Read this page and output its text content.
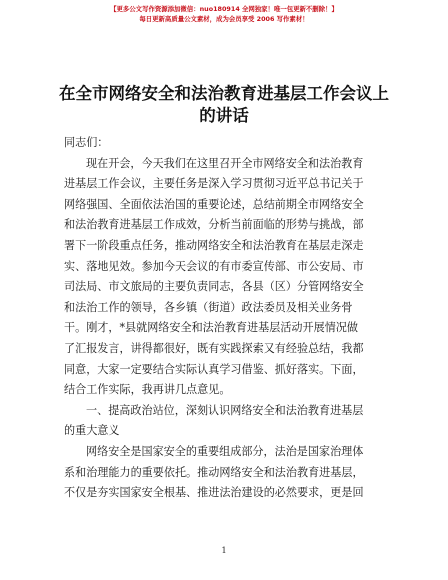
【更多公文写作资源添加微信：nuo180914 全网独家！唯一包更新不删除！】
每日更新高质量公文素材，成为会员享受 2006 写作素材！
在全市网络安全和法治教育进基层工作会议上
的讲话
同志们：
现在开会，今天我们在这里召开全市网络安全和法治教育
进基层工作会议，主要任务是深入学习贯彻习近平总书记关于
网络强国、全面依法治国的重要论述，总结前期全市网络安全
和法治教育进基层工作成效，分析当前面临的形势与挑战，部
署下一阶段重点任务，推动网络安全和法治教育在基层走深走
实、落地见效。参加今天会议的有市委宣传部、市公安局、市
司法局、市文旅局的主要负责同志，各县（区）分管网络安全
和法治工作的领导，各乡镇（街道）政法委员及相关业务骨
干。刚才，*县就网络安全和法治教育进基层活动开展情况做
了汇报发言，讲得都很好，既有实践探索又有经验总结，我都
同意，大家一定要结合实际认真学习借鉴、抓好落实。下面，
结合工作实际，我再讲几点意见。
一、提高政治站位，深刻认识网络安全和法治教育进基层
的重大意义
网络安全是国家安全的重要组成部分，法治是国家治理体
系和治理能力的重要依托。推动网络安全和法治教育进基层，
不仅是夯实国家安全根基、推进法治建设的必然要求，更是回
1
